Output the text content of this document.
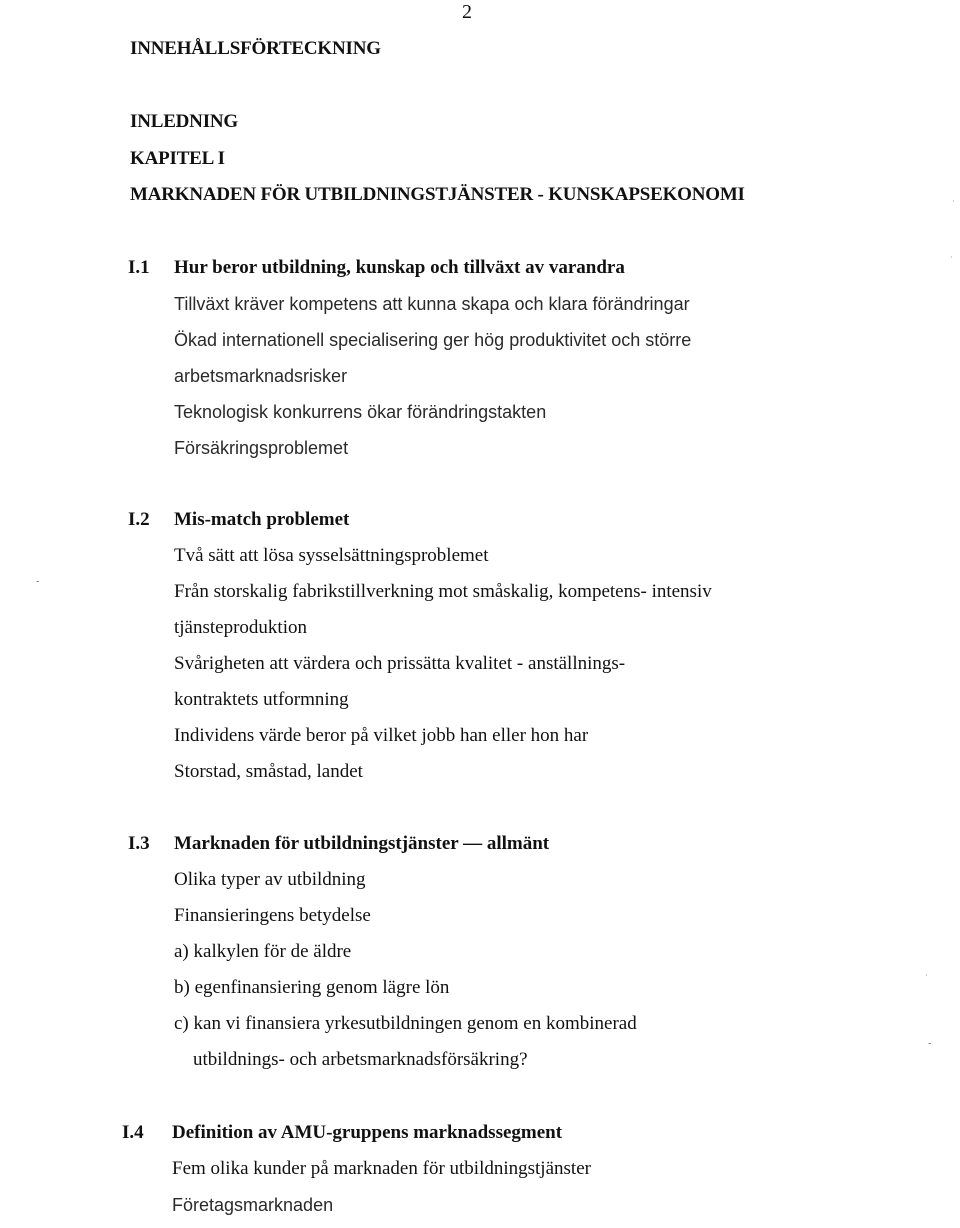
2
INNEHÅLLSFÖRTECKNING
INLEDNING
KAPITEL I
MARKNADEN FÖR UTBILDNINGSTJÄNSTER - KUNSKAPSEKONOMI
I.1 Hur beror utbildning, kunskap och tillväxt av varandra
Tillväxt kräver kompetens att kunna skapa och klara förändringar
Ökad internationell specialisering ger hög produktivitet och större
arbetsmarknadsrisker
Teknologisk konkurrens ökar förändringstakten
Försäkringsproblemet
I.2 Mis-match problemet
Två sätt att lösa sysselsättningsproblemet
Från storskalig fabrikstillverkning mot småskalig, kompetens- intensiv
tjänsteproduktion
Svårigheten att värdera och prissätta kvalitet - anställnings-
kontraktets utformning
Individens värde beror på vilket jobb han eller hon har
Storstad, småstad, landet
I.3 Marknaden för utbildningstjänster — allmänt
Olika typer av utbildning
Finansieringens betydelse
a) kalkylen för de äldre
b) egenfinansiering genom lägre lön
c) kan vi finansiera yrkesutbildningen genom en kombinerad
utbildnings- och arbetsmarknadsförsäkring?
I.4 Definition av AMU-gruppens marknadssegment
Fem olika kunder på marknaden för utbildningstjänster
Företagsmarknaden
·
·
·
-
-
